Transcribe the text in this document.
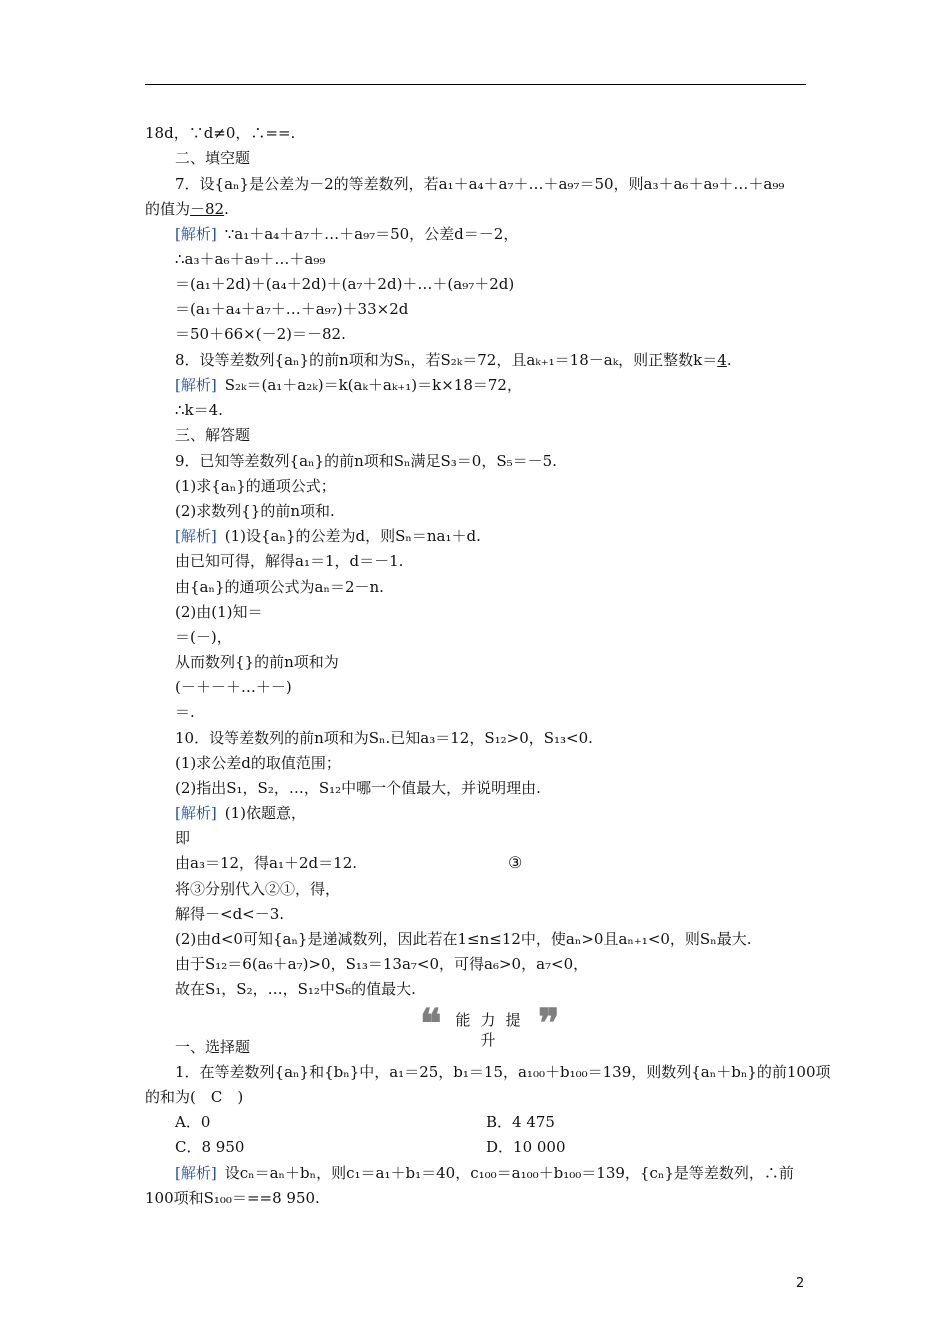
18d，∵d≠0，∴==.
二、填空题
7．设{aₙ}是公差为－2的等差数列，若a₁＋a₄＋a₇＋…＋a₉₇＝50，则a₃＋a₆＋a₉＋…＋a₉₉
的值为－82.
[解析] ∵a₁＋a₄＋a₇＋…＋a₉₇＝50，公差d＝－2，
∴a₃＋a₆＋a₉＋…＋a₉₉
＝(a₁＋2d)＋(a₄＋2d)＋(a₇＋2d)＋…＋(a₉₇＋2d)
＝(a₁＋a₄＋a₇＋…＋a₉₇)＋33×2d
＝50＋66×(－2)＝－82.
8．设等差数列{aₙ}的前n项和为Sₙ，若S₂ₖ＝72，且aₖ₊₁＝18－aₖ，则正整数k＝4.
[解析] S₂ₖ＝(a₁＋a₂ₖ)＝k(aₖ＋aₖ₊₁)＝k×18＝72，
∴k＝4.
三、解答题
9．已知等差数列{aₙ}的前n项和Sₙ满足S₃＝0，S₅＝－5.
(1)求{aₙ}的通项公式；
(2)求数列{}的前n项和.
[解析] (1)设{aₙ}的公差为d，则Sₙ＝na₁＋d.
由已知可得，解得a₁＝1，d＝－1.
由{aₙ}的通项公式为aₙ＝2－n.
(2)由(1)知＝
＝(－)，
从而数列{}的前n项和为
(－＋－＋…＋－)
＝.
10．设等差数列的前n项和为Sₙ.已知a₃＝12，S₁₂>0，S₁₃<0.
(1)求公差d的取值范围；
(2)指出S₁，S₂，…，S₁₂中哪一个值最大，并说明理由.
[解析] (1)依题意，
即
由a₃＝12，得a₁＋2d＝12.	③
将③分别代入②①，得，
解得－<d<－3.
(2)由d<0可知{aₙ}是递减数列，因此若在1≤n≤12中，使aₙ>0且aₙ₊₁<0，则Sₙ最大.
由于S₁₂＝6(a₆＋a₇)>0，S₁₃＝13a₇<0，可得a₆>0，a₇<0，
故在S₁，S₂，…，S₁₂中S₆的值最大.
❝ 能力提升 ❞
一、选择题
1．在等差数列{aₙ}和{bₙ}中，a₁＝25，b₁＝15，a₁₀₀＋b₁₀₀＝139，则数列{aₙ＋bₙ}的前100项
的和为(　C　)
A．0	B．4 475
C．8 950	D．10 000
[解析] 设cₙ＝aₙ＋bₙ，则c₁＝a₁＋b₁＝40，c₁₀₀＝a₁₀₀＋b₁₀₀＝139，{cₙ}是等差数列，∴前
100项和S₁₀₀＝==8 950.
2
